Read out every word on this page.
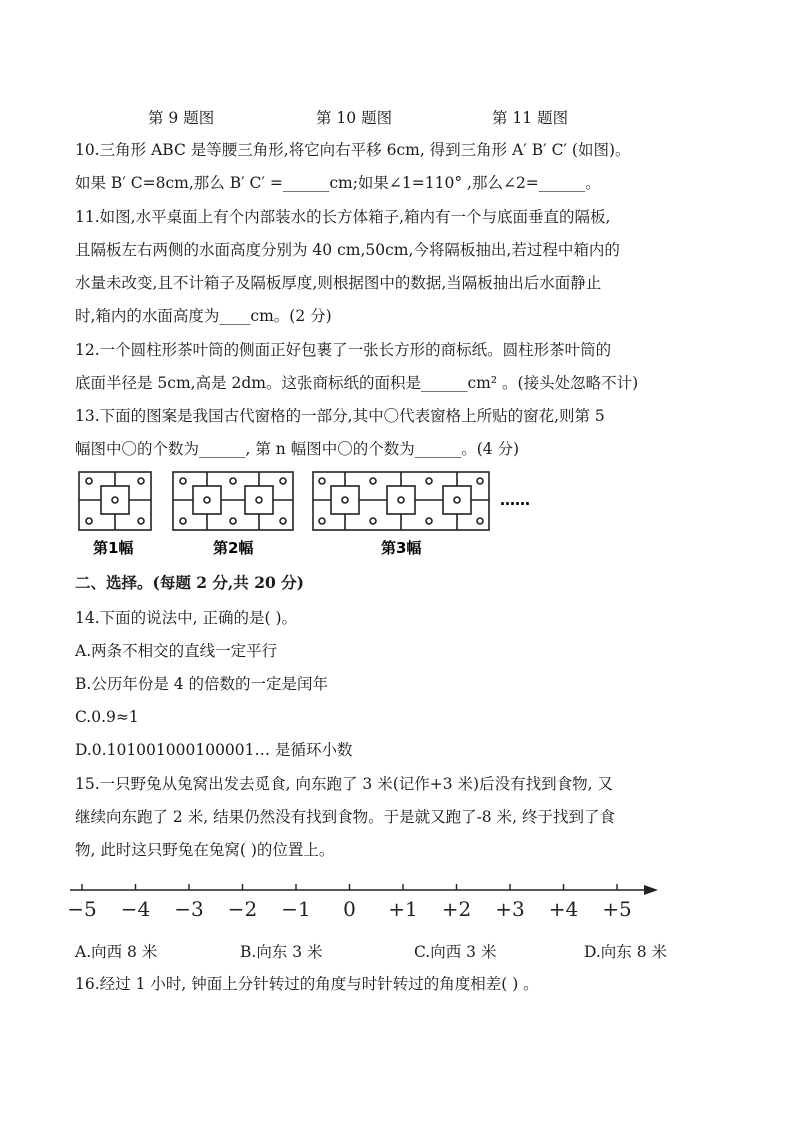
第 9 题图	第 10 题图	第 11 题图
10.三角形 ABC 是等腰三角形,将它向右平移 6cm, 得到三角形 A′ B′ C′ (如图)。
如果 B′ C=8cm,那么 B′ C′ =______cm;如果∠1=110° ,那么∠2=______。
11.如图,水平桌面上有个内部装水的长方体箱子,箱内有一个与底面垂直的隔板,
且隔板左右两侧的水面高度分别为 40 cm,50cm,今将隔板抽出,若过程中箱内的
水量未改变,且不计箱子及隔板厚度,则根据图中的数据,当隔板抽出后水面静止
时,箱内的水面高度为____cm。(2 分)
12.一个圆柱形茶叶筒的侧面正好包裹了一张长方形的商标纸。圆柱形茶叶筒的
底面半径是 5cm,高是 2dm。这张商标纸的面积是______cm² 。(接头处忽略不计)
13.下面的图案是我国古代窗格的一部分,其中〇代表窗格上所贴的窗花,则第 5
幅图中〇的个数为______, 第 n 幅图中〇的个数为______。(4 分)
……
第1幅	第2幅	第3幅
二、选择。(每题 2 分,共 20 分)
14.下面的说法中, 正确的是( )。
A.两条不相交的直线一定平行
B.公历年份是 4 的倍数的一定是闰年
C.0.9≈1
D.0.101001000100001… 是循环小数
15.一只野兔从兔窝出发去觅食, 向东跑了 3 米(记作+3 米)后没有找到食物, 又
继续向东跑了 2 米, 结果仍然没有找到食物。于是就又跑了-8 米, 终于找到了食
物, 此时这只野兔在兔窝( )的位置上。
−5 −4 −3 −2 −1 0 +1 +2 +3 +4 +5
A.向西 8 米	B.向东 3 米	C.向西 3 米	D.向东 8 米
16.经过 1 小时, 钟面上分针转过的角度与时针转过的角度相差( ) 。
